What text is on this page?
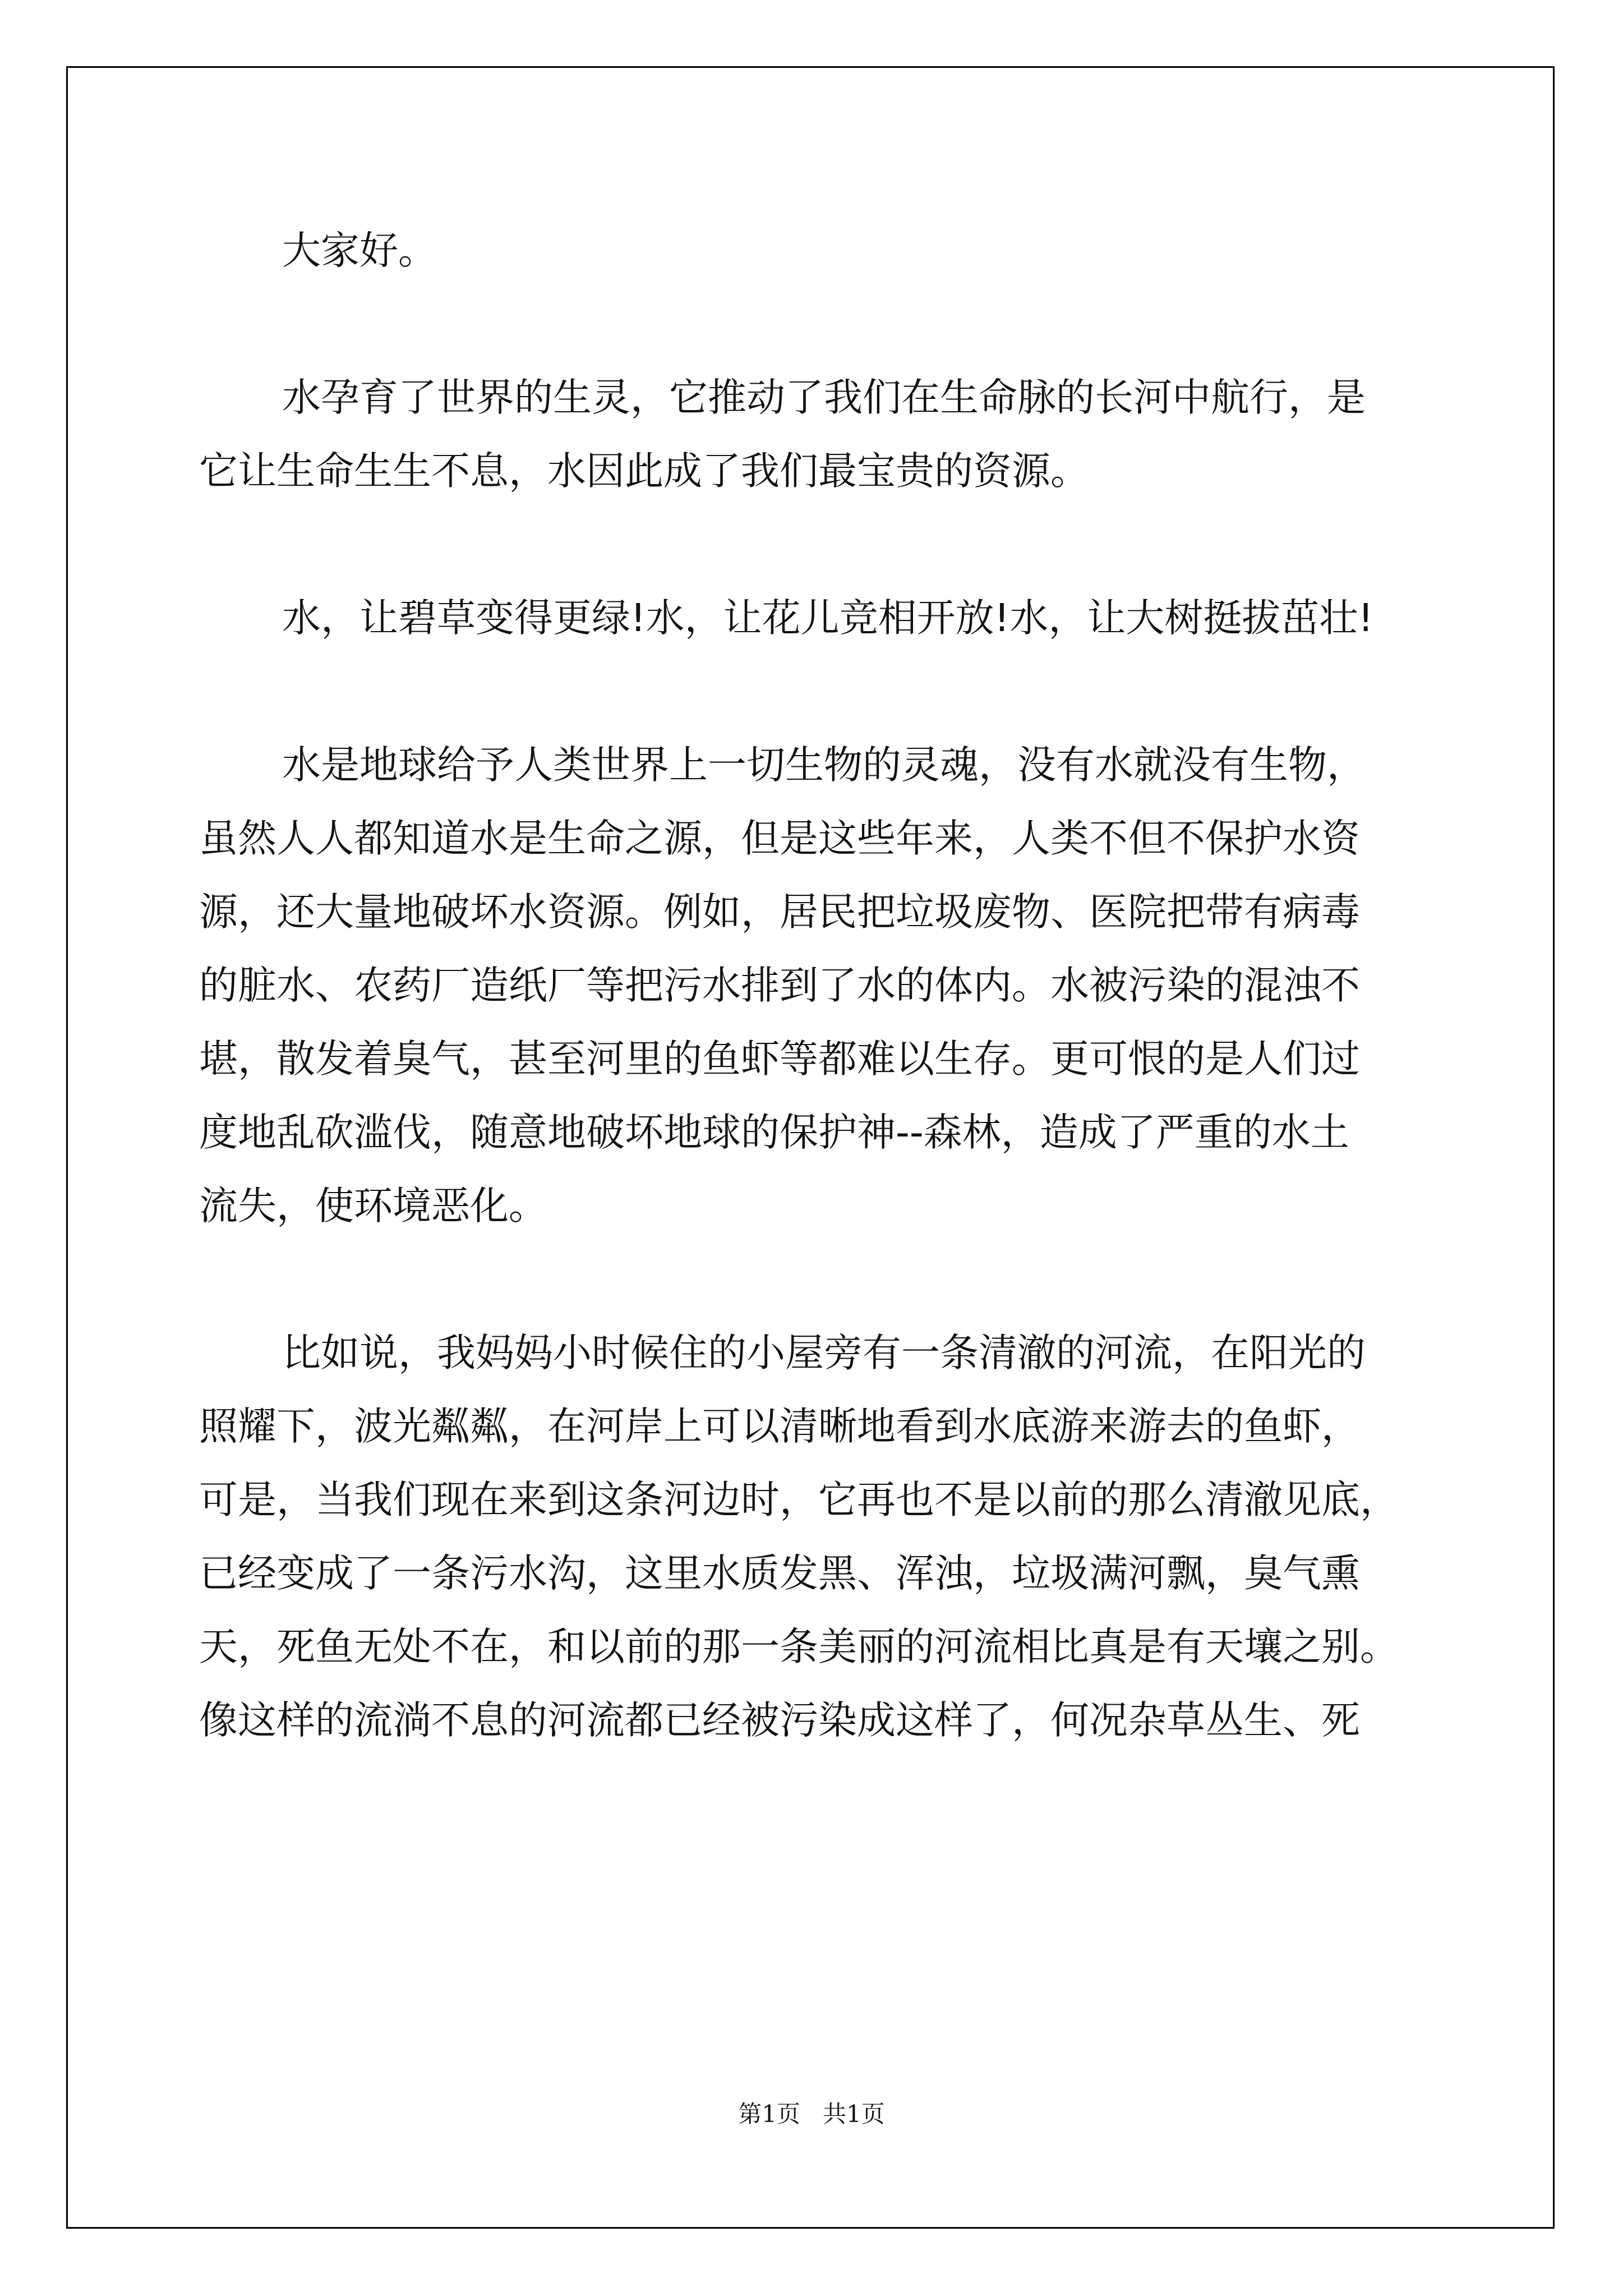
大家好。
水孕育了世界的生灵，它推动了我们在生命脉的长河中航行，是
它让生命生生不息，水因此成了我们最宝贵的资源。
水，让碧草变得更绿!水，让花儿竞相开放!水，让大树挺拔茁壮!
水是地球给予人类世界上一切生物的灵魂，没有水就没有生物，
虽然人人都知道水是生命之源，但是这些年来，人类不但不保护水资
源，还大量地破坏水资源。例如，居民把垃圾废物、医院把带有病毒
的脏水、农药厂造纸厂等把污水排到了水的体内。水被污染的混浊不
堪，散发着臭气，甚至河里的鱼虾等都难以生存。更可恨的是人们过
度地乱砍滥伐，随意地破坏地球的保护神--森林，造成了严重的水土
流失，使环境恶化。
比如说，我妈妈小时候住的小屋旁有一条清澈的河流，在阳光的
照耀下，波光粼粼，在河岸上可以清晰地看到水底游来游去的鱼虾，
可是，当我们现在来到这条河边时，它再也不是以前的那么清澈见底，
已经变成了一条污水沟，这里水质发黑、浑浊，垃圾满河飘，臭气熏
天，死鱼无处不在，和以前的那一条美丽的河流相比真是有天壤之别。
像这样的流淌不息的河流都已经被污染成这样了，何况杂草丛生、死
第1页   共1页
